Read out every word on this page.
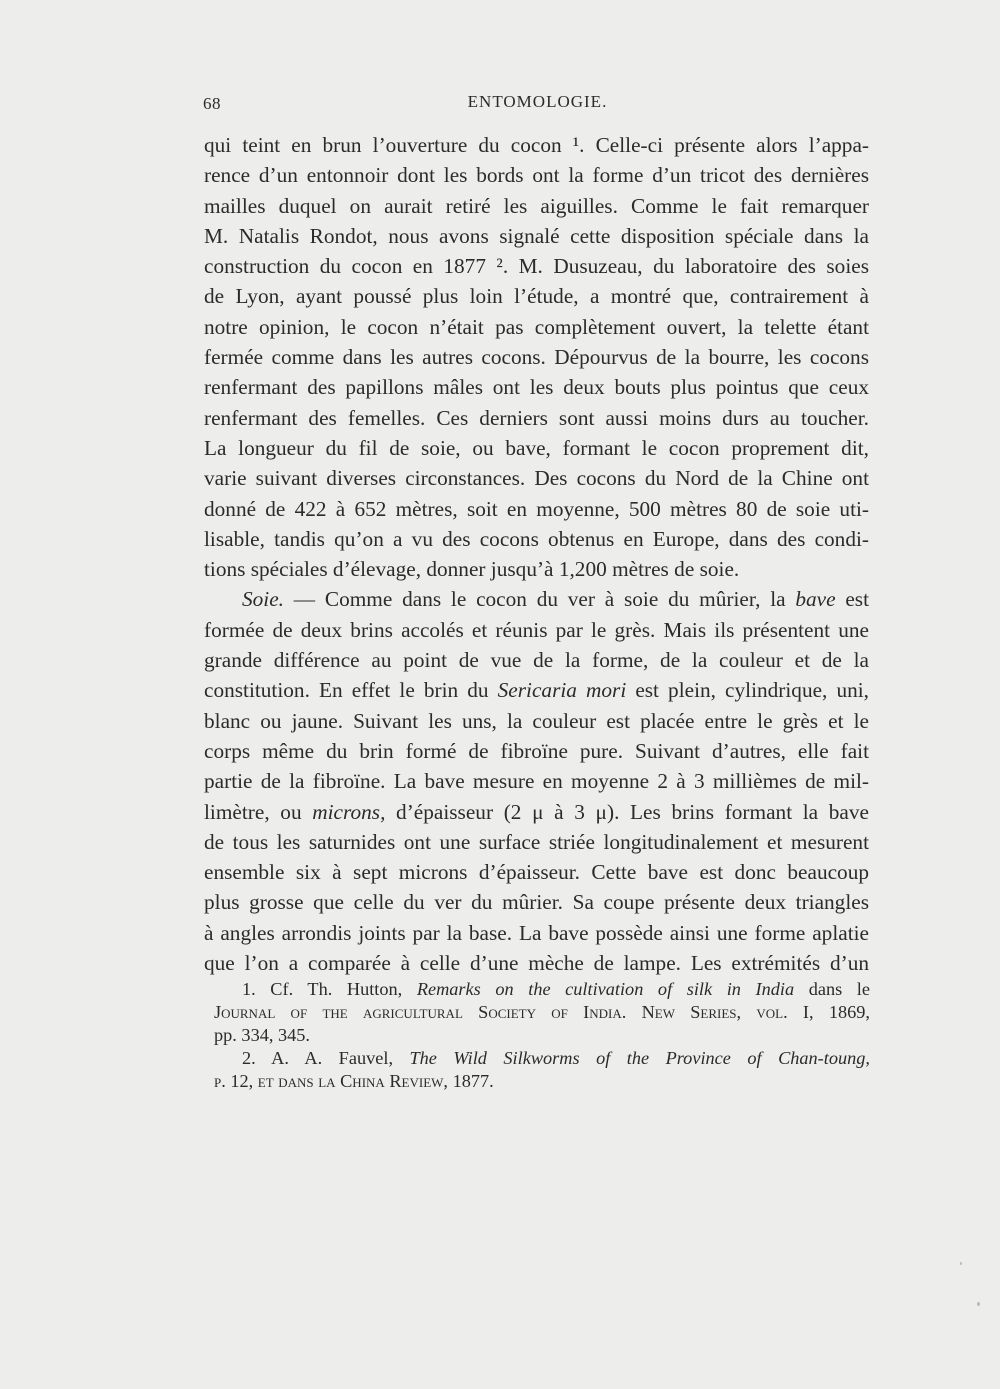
68	ENTOMOLOGIE.
qui teint en brun l’ouverture du cocon ¹. Celle-ci présente alors l’appa-
rence d’un entonnoir dont les bords ont la forme d’un tricot des dernières
mailles duquel on aurait retiré les aiguilles. Comme le fait remarquer
M. Natalis Rondot, nous avons signalé cette disposition spéciale dans la
construction du cocon en 1877 ². M. Dusuzeau, du laboratoire des soies
de Lyon, ayant poussé plus loin l’étude, a montré que, contrairement à
notre opinion, le cocon n’était pas complètement ouvert, la telette étant
fermée comme dans les autres cocons. Dépourvus de la bourre, les cocons
renfermant des papillons mâles ont les deux bouts plus pointus que ceux
renfermant des femelles. Ces derniers sont aussi moins durs au toucher.
La longueur du fil de soie, ou bave, formant le cocon proprement dit,
varie suivant diverses circonstances. Des cocons du Nord de la Chine ont
donné de 422 à 652 mètres, soit en moyenne, 500 mètres 80 de soie uti-
lisable, tandis qu’on a vu des cocons obtenus en Europe, dans des condi-
tions spéciales d’élevage, donner jusqu’à 1,200 mètres de soie.
Soie. — Comme dans le cocon du ver à soie du mûrier, la bave est
formée de deux brins accolés et réunis par le grès. Mais ils présentent une
grande différence au point de vue de la forme, de la couleur et de la
constitution. En effet le brin du Sericaria mori est plein, cylindrique, uni,
blanc ou jaune. Suivant les uns, la couleur est placée entre le grès et le
corps même du brin formé de fibroïne pure. Suivant d’autres, elle fait
partie de la fibroïne. La bave mesure en moyenne 2 à 3 millièmes de mil-
limètre, ou microns, d’épaisseur (2 μ à 3 μ). Les brins formant la bave
de tous les saturnides ont une surface striée longitudinalement et mesurent
ensemble six à sept microns d’épaisseur. Cette bave est donc beaucoup
plus grosse que celle du ver du mûrier. Sa coupe présente deux triangles
à angles arrondis joints par la base. La bave possède ainsi une forme aplatie
que l’on a comparée à celle d’une mèche de lampe. Les extrémités d’un
1. Cf. Th. Hutton, Remarks on the cultivation of silk in India dans le
Journal of the agricultural Society of India. New Series, vol. I, 1869,
pp. 334, 345.
2. A. A. Fauvel, The Wild Silkworms of the Province of Chan-toung,
p. 12, et dans la China Review, 1877.
